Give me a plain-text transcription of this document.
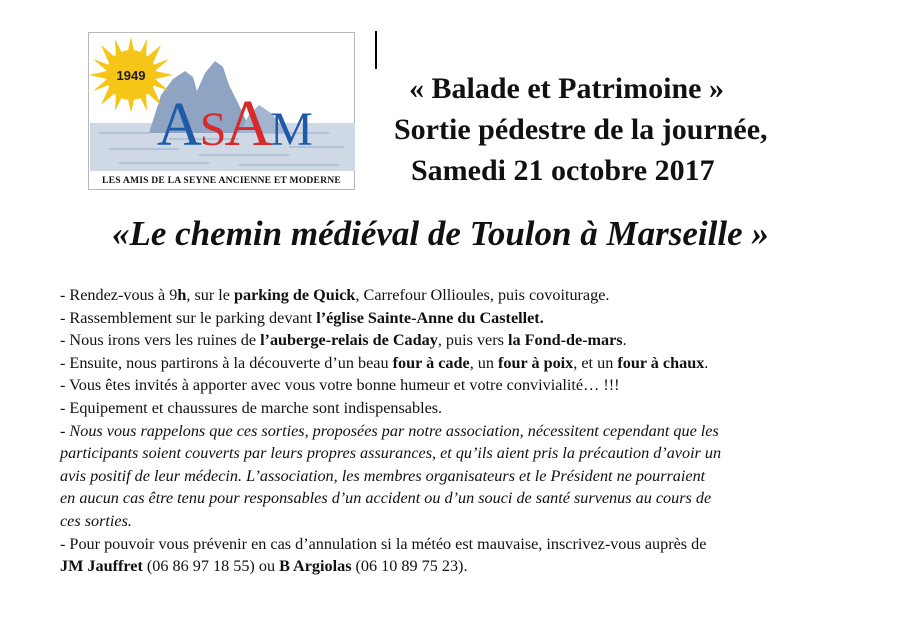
1949
ASAM
LES AMIS DE LA SEYNE ANCIENNE ET MODERNE
« Balade et Patrimoine »
Sortie pédestre de la journée,
Samedi 21 octobre 2017
«Le chemin médiéval de Toulon à Marseille »
- Rendez-vous à 9h, sur le parking de Quick, Carrefour Ollioules, puis covoiturage.
- Rassemblement sur le parking devant l’église Sainte-Anne du Castellet.
- Nous irons vers les ruines de l’auberge-relais de Caday, puis vers la Fond-de-mars.
- Ensuite, nous partirons à la découverte d’un beau four à cade, un four à poix, et un four à chaux.
- Vous êtes invités à apporter avec vous votre bonne humeur et votre convivialité… !!!
- Equipement et chaussures de marche sont indispensables.
- Nous vous rappelons que ces sorties, proposées par notre association, nécessitent cependant que les
participants soient couverts par leurs propres assurances, et qu’ils aient pris la précaution d’avoir un
avis positif de leur médecin. L’association, les membres organisateurs et le Président ne pourraient
en aucun cas être tenu pour responsables d’un accident ou d’un souci de santé survenus au cours de
ces sorties.
- Pour pouvoir vous prévenir en cas d’annulation si la météo est mauvaise, inscrivez-vous auprès de
JM Jauffret (06 86 97 18 55) ou B Argiolas (06 10 89 75 23).
